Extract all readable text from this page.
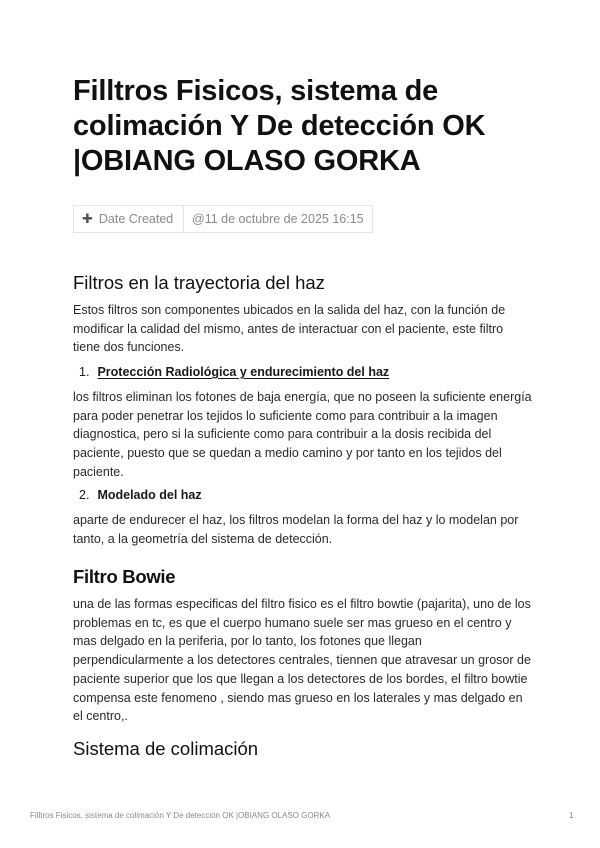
Filltros Fisicos, sistema de colimación Y De detección OK |OBIANG OLASO GORKA
✚ Date Created	@11 de octubre de 2025 16:15
Filtros en la trayectoria del haz

Estos filtros son componentes ubicados en la salida del haz, con la función de modificar la calidad del mismo, antes de interactuar con el paciente, este filtro tiene dos funciones.

1. Protección Radiológica y endurecimiento del haz

los filtros eliminan los fotones de baja energía, que no poseen la suficiente energía para poder penetrar los tejidos lo suficiente como para contribuir a la imagen diagnostica, pero si la suficiente como para contribuir a la dosis recibida del paciente, puesto que se quedan a medio camino y por tanto en los tejidos del paciente.

2. Modelado del haz

aparte de endurecer el haz, los filtros modelan la forma del haz y lo modelan por tanto, a la geometría del sistema de detección.

Filtro Bowie

una de las formas especificas del filtro fisico es el filtro bowtie (pajarita), uno de los problemas en tc, es que el cuerpo humano suele ser mas grueso en el centro y mas delgado en la periferia, por lo tanto, los fotones que llegan perpendicularmente a los detectores centrales, tiennen que atravesar un grosor de paciente superior que los que llegan a los detectores de los bordes, el filtro bowtie compensa este fenomeno , siendo mas grueso en los laterales y mas delgado en el centro,.

Sistema de colimación
Filltros Fisicos, sistema de colimación Y De detección OK |OBIANG OLASO GORKA	1
